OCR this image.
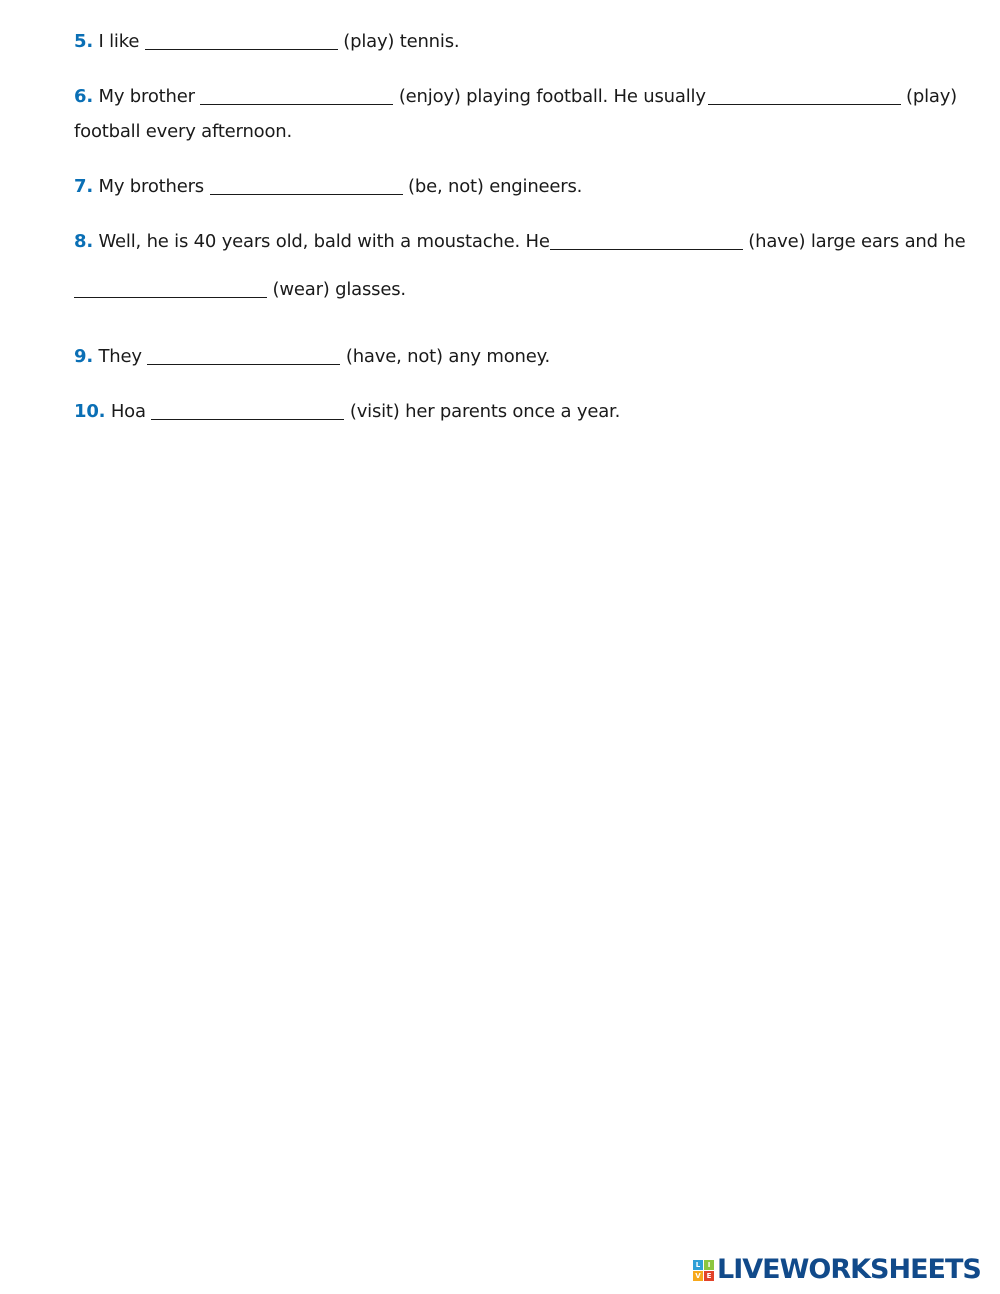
5. I like	(play) tennis.
6. My brother	(enjoy) playing football. He usually	(play)
football every afternoon.
7. My brothers	(be, not) engineers.
8. Well, he is 40 years old, bald with a moustache. He	(have) large ears and he
(wear) glasses.
9. They	(have, not) any money.
10. Hoa	(visit) her parents once a year.
L	I
V E LIVEWORKSHEETS
